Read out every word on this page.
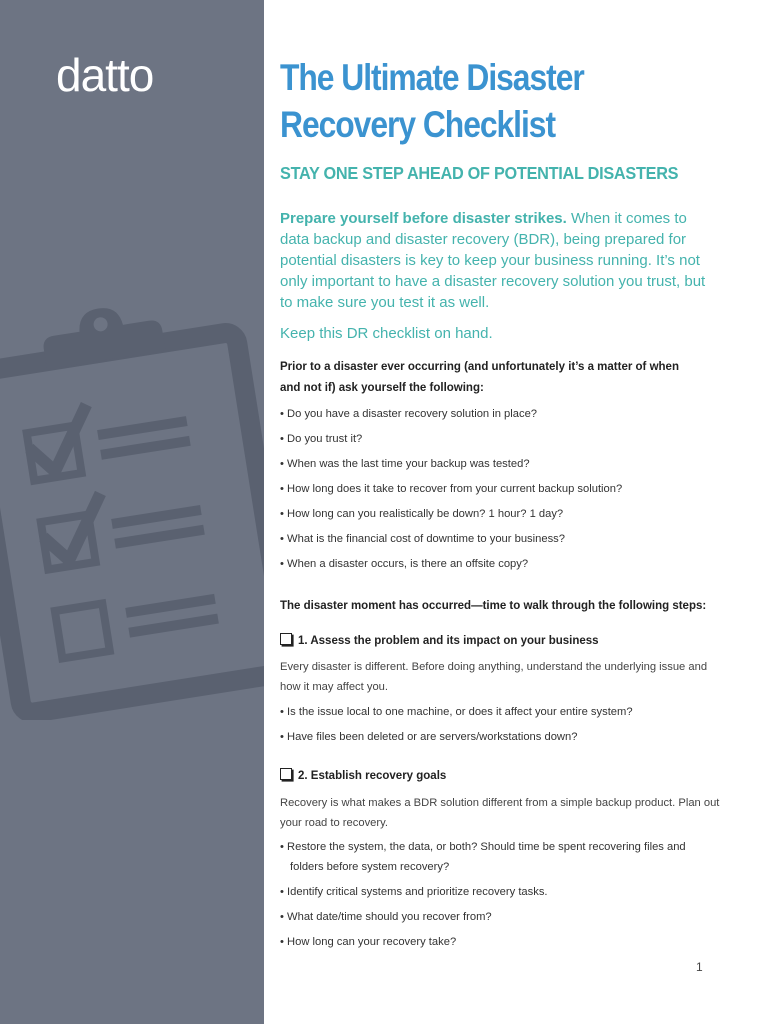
datto	The Ultimate Disaster
Recovery Checklist
STAY ONE STEP AHEAD OF POTENTIAL DISASTERS

Prepare yourself before disaster strikes. When it comes to data backup and disaster recovery (BDR), being prepared for potential disasters is key to keep your business running. It’s not only important to have a disaster recovery solution you trust, but to make sure you test it as well.

Keep this DR checklist on hand.

Prior to a disaster ever occurring (and unfortunately it’s a matter of when and not if) ask yourself the following:

• Do you have a disaster recovery solution in place?
• Do you trust it?
• When was the last time your backup was tested?
• How long does it take to recover from your current backup solution?
• How long can you realistically be down? 1 hour? 1 day?
• What is the financial cost of downtime to your business?
• When a disaster occurs, is there an offsite copy?

The disaster moment has occurred—time to walk through the following steps:

1. Assess the problem and its impact on your business

Every disaster is different. Before doing anything, understand the underlying issue and how it may affect you.

• Is the issue local to one machine, or does it affect your entire system?
• Have files been deleted or are servers/workstations down?

2. Establish recovery goals

Recovery is what makes a BDR solution different from a simple backup product. Plan out your road to recovery.

• Restore the system, the data, or both? Should time be spent recovering files and folders before system recovery?
• Identify critical systems and prioritize recovery tasks.
• What date/time should you recover from?
• How long can your recovery take?
1
